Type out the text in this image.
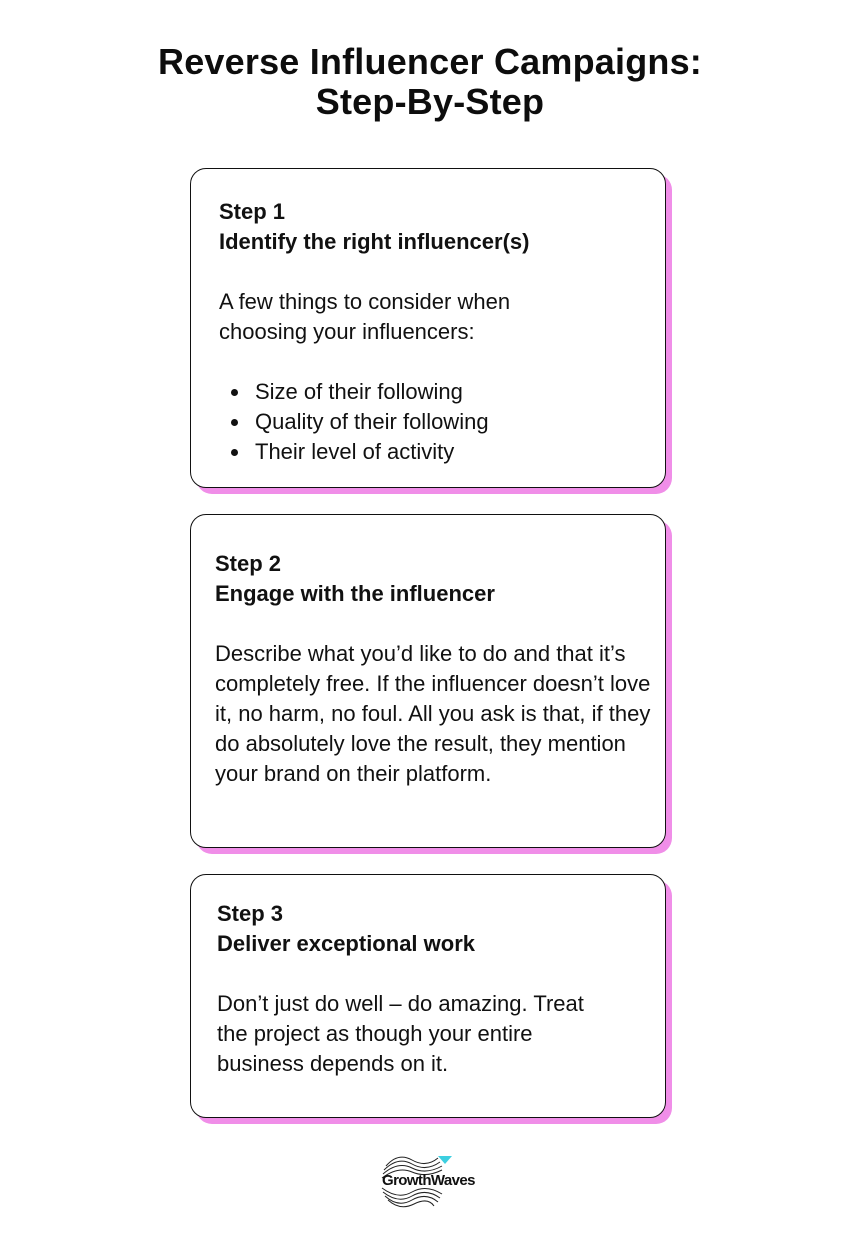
Reverse Influencer Campaigns:
Step-By-Step
Step 1
Identify the right influencer(s)

A few things to consider when choosing your influencers:

Size of their following
Quality of their following
Their level of activity
Step 2
Engage with the influencer

Describe what you’d like to do and that it’s completely free. If the influencer doesn’t love it, no harm, no foul. All you ask is that, if they do absolutely love the result, they mention your brand on their platform.

Step 3
Deliver exceptional work

Don’t just do well – do amazing. Treat the project as though your entire business depends on it.

GrowthWaves
